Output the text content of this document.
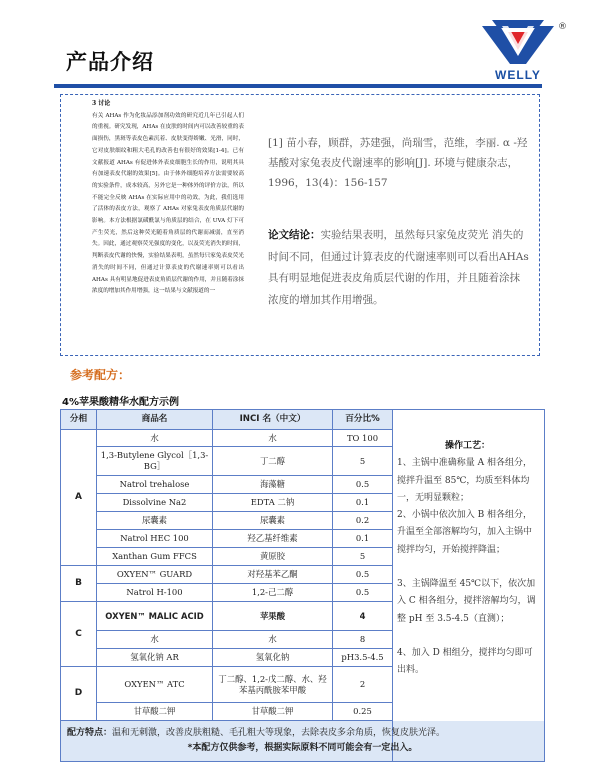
产品介绍
®
WELLY
3 讨论
有关 AHAs 作为化妆品添加剂功效的研究近几年已引起人们的重视。研究发现，AHAs 在皮肤的时间内可以改善较重的表面损伤，黑斑等表皮色素沉着、皮肤变得娇嫩、光滑，同时，它对皮肤细纹和粗大毛孔的改善也有很好的效果[1-4]。已有文献报道 AHAs 有促进体外表皮细胞生长的作用，说明其具有加速表皮代谢的效果[5]。由于体外细胞培养方法需要较高的实验条件，成本较高，另外它是一种体外的评价方法，所以不能完全反映 AHAs 在实际应用中的功效，为此，我们选用了活体的表皮方法，观察了 AHAs 对家兔表皮角质层代谢的影响。本方法根据氯磺酰氯与角质层的结合，在 UVA 灯下可产生荧光，然后这种荧光随着角质层的代谢而减弱，直至消失。因此，通过观察荧光强度的变化，以及荧光消失的时间，判断表皮代谢的快慢，实验结果表明，虽然每只家兔表皮荧光消失的时间不同，但通过计算表皮的代谢速率则可以看出 AHAs 具有明显地促进表皮角质层代谢的作用，并且随着涂抹浓度的增加其作用增强，这一结果与文献报道的一
[1] 苗小春，顾群，苏建强，尚瑞雪，范维，李丽. α -羟基酸对家兔表皮代谢速率的影响[J]. 环境与健康杂志，1996，13(4)：156-157
论文结论：实验结果表明，虽然每只家兔皮荧光 消失的时间不同，但通过计算表皮的代谢速率则可以看出AHAs具有明显地促进表皮角质层代谢的作用，并且随着涂抹浓度的增加其作用增强。
参考配方：
4%苹果酸精华水配方示例
分相	商品名	INCI 名（中文）	百分比%	操作工艺：
1、主锅中准确称量 A 相各组分，搅拌升温至 85℃，均质至料体均一，无明显颗粒；
2、小锅中依次加入 B 相各组分，升温至全部溶解均匀，加入主锅中搅拌均匀，开始搅拌降温；
3、主锅降温至 45℃以下，依次加入 C 相各组分，搅拌溶解均匀，调整 pH 至 3.5-4.5（直测）；
4、加入 D 相组分，搅拌均匀即可出料。

A	水	水	TO 100	
	1,3-Butylene Glycol［1,3-BG］	丁二醇	5	
	Natrol trehalose	海藻糖	0.5	
	Dissolvine Na2	EDTA 二钠	0.1	
	尿囊素	尿囊素	0.2	
	Natrol HEC 100	羟乙基纤维素	0.1	
	Xanthan Gum FFCS	黄原胶	5	
B	OXYEN™ GUARD	对羟基苯乙酮	0.5	
	Natrol H-100	1,2-己二醇	0.5	
C	OXYEN™ MALIC ACID	苹果酸	4	
	水	水	8	
	氢氧化钠 AR	氢氧化钠	pH3.5-4.5	
D	OXYEN™ ATC	丁二醇、1,2-戊二醇、水、羟苯基丙酰胺苯甲酸	2	
	甘草酸二钾	甘草酸二钾	0.25	

配方特点：温和无刺激，改善皮肤粗糙、毛孔粗大等现象，去除表皮多余角质，恢复皮肤光泽。
*本配方仅供参考，根据实际原料不同可能会有一定出入。				
